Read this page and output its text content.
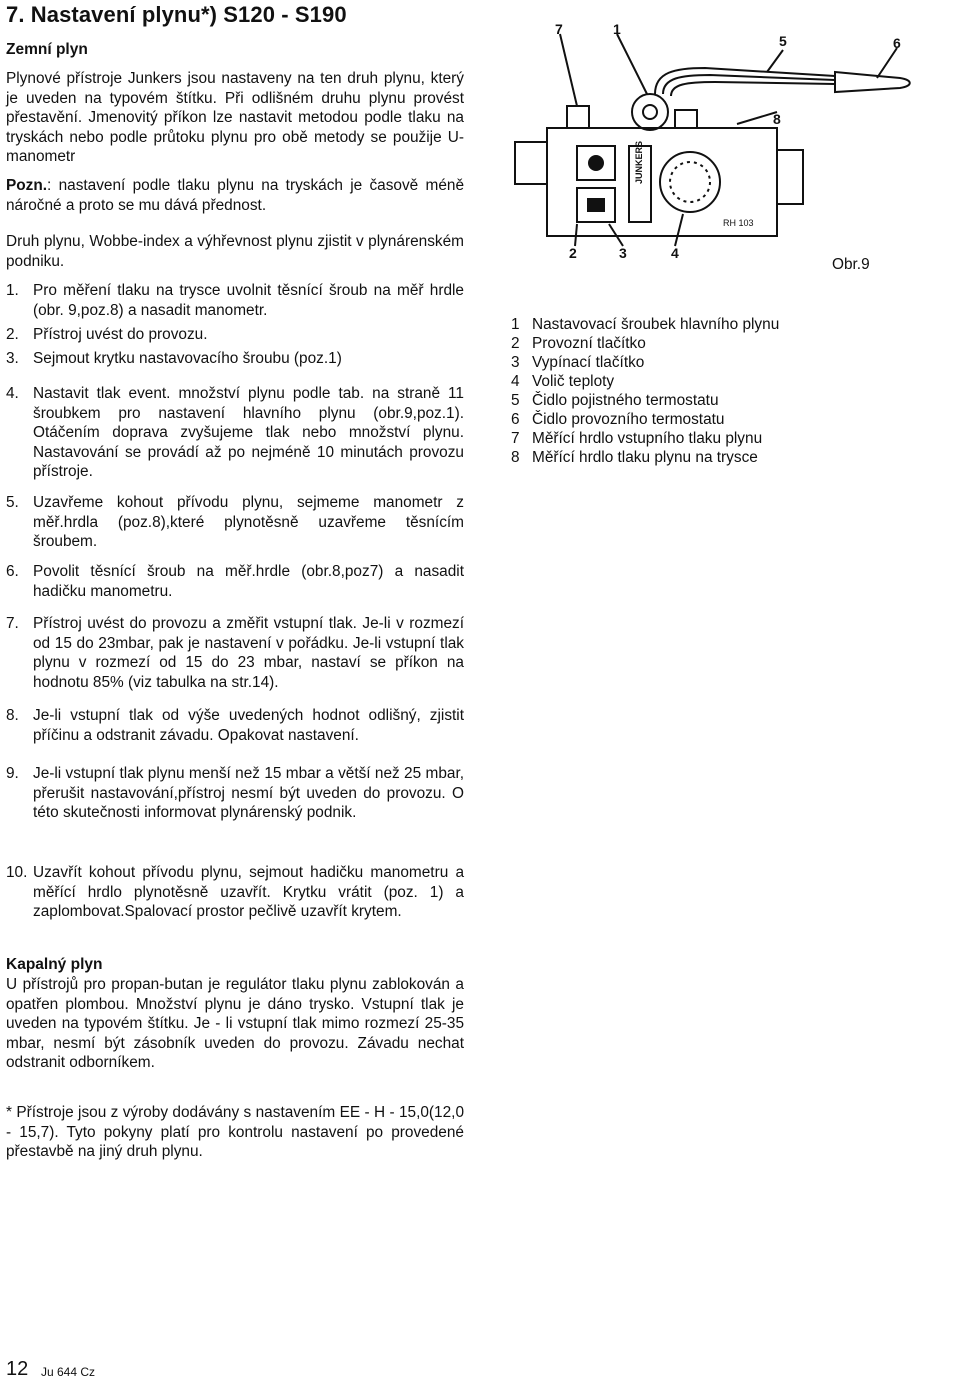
7. Nastavení plynu*) S120 - S190

Zemní plyn

Plynové přístroje Junkers jsou nastaveny na ten druh plynu, který je uveden na typovém štítku. Při odlišném druhu plynu provést přestavění. Jmenovitý příkon lze nastavit metodou podle tlaku na tryskách nebo podle průtoku plynu pro obě metody se použije U-manometr

Pozn.: nastavení podle tlaku plynu na tryskách je časově méně náročné a proto se mu dává přednost.

Druh plynu, Wobbe-index a výhřevnost plynu zjistit v plynárenském podniku.

1. Pro měření tlaku na trysce uvolnit těsnící šroub na měř hrdle (obr. 9,poz.8) a nasadit manometr.
2. Přístroj uvést do provozu.
3. Sejmout krytku nastavovacího šroubu (poz.1)
4. Nastavit tlak event. množství plynu podle tab. na straně 11 šroubkem pro nastavení hlavního plynu (obr.9,poz.1). Otáčením doprava zvyšujeme tlak nebo množství plynu. Nastavování se provádí až po nejméně 10 minutách provozu přístroje.
5. Uzavřeme kohout přívodu plynu, sejmeme manometr z měř.hrdla (poz.8),které plynotěsně uzavřeme těsnícím šroubem.
6. Povolit těsnící šroub na měř.hrdle (obr.8,poz7) a nasadit hadičku manometru.
7. Přístroj uvést do provozu a změřit vstupní tlak. Je-li v rozmezí od 15 do 23mbar, pak je nastavení v pořádku. Je-li vstupní tlak plynu v rozmezí od 15 do 23 mbar, nastaví se příkon na hodnotu 85% (viz tabulka na str.14).
8. Je-li vstupní tlak od výše uvedených hodnot odlišný, zjistit příčinu a odstranit závadu. Opakovat nastavení.
9. Je-li vstupní tlak plynu menší než 15 mbar a větší než 25 mbar, přerušit nastavování,přístroj nesmí být uveden do provozu. O této skutečnosti informovat plynárenský podnik.
10. Uzavřít kohout přívodu plynu, sejmout hadičku manometru a měřící hrdlo plynotěsně uzavřít. Krytku vrátit (poz. 1) a zaplombovat.Spalovací prostor pečlivě uzavřít krytem.

Kapalný plyn

U přístrojů pro propan-butan je regulátor tlaku plynu zablokován a opatřen plombou. Množství plynu je dáno trysko. Vstupní tlak je uveden na typovém štítku. Je - li vstupní tlak mimo rozmezí 25-35 mbar, nesmí být zásobník uveden do provozu. Závadu nechat odstranit odborníkem.

* Přístroje jsou z výroby dodávány s nastavením EE - H - 15,0(12,0 - 15,7). Tyto pokyny platí pro kontrolu nastavení po provedené přestavbě na jiný druh plynu.

JUNKERS
7	1
5	6
8
2	3	4
RH 103
Obr.9
1 Nastavovací šroubek hlavního plynu
2 Provozní tlačítko
3 Vypínací tlačítko
4 Volič teploty
5 Čidlo pojistného termostatu
6 Čidlo provozního termostatu
7 Měřící hrdlo vstupního tlaku plynu
8 Měřící hrdlo tlaku plynu na trysce
12 Ju 644 Cz
